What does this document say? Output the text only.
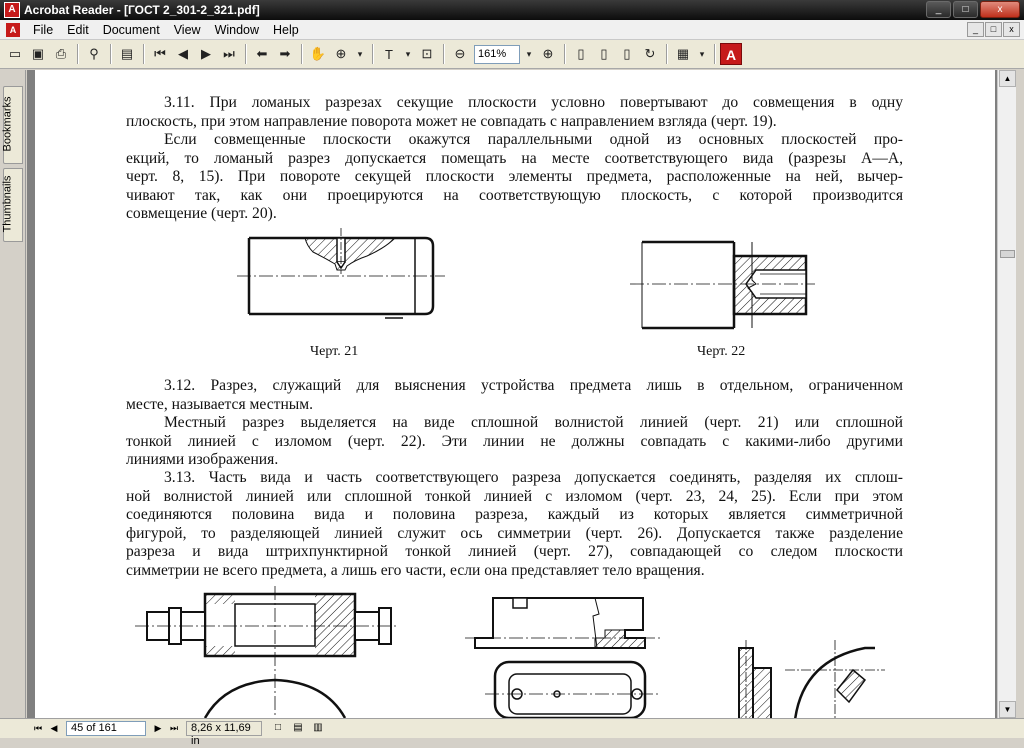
A Acrobat Reader - [ГОСТ 2_301-2_321.pdf]	_	□	x
A	File	Edit	Document	View	Window	Help	_	□	x
▭ ▣ ⎙	⚲	▤	⏮ ◀	▶ ⏭	⬅ ➡	✋ ⊕	▾	T	▾ ⊡	⊖	161%	▾ ⊕	▯	▯	▯	↻	▦	▾	A
Bookmarks
Thumbnails
3.11. При ломаных разрезах секущие плоскости условно повертывают до совмещения в одну
плоскость, при этом направление поворота может не совпадать с направлением взгляда (черт. 19).
Если совмещенные плоскости окажутся параллельными одной из основных плоскостей про-
екций, то ломаный разрез допускается помещать на месте соответствующего вида (разрезы А—А,
черт. 8, 15). При повороте секущей плоскости элементы предмета, расположенные на ней, вычер-
чивают так, как они проецируются на соответствующую плоскость, с которой производится
совмещение (черт. 20).
Черт. 21	Черт. 22
3.12. Разрез, служащий для выяснения устройства предмета лишь в отдельном, ограниченном
месте, называется местным.
Местный разрез выделяется на виде сплошной волнистой линией (черт. 21) или сплошной
тонкой линией с изломом (черт. 22). Эти линии не должны совпадать с какими-либо другими
линиями изображения.
3.13. Часть вида и часть соответствующего разреза допускается соединять, разделяя их сплош-
ной волнистой линией или сплошной тонкой линией с изломом (черт. 23, 24, 25). Если при этом
соединяются половина вида и половина разреза, каждый из которых является симметричной
фигурой, то разделяющей линией служит ось симметрии (черт. 26). Допускается также разделение
разреза и вида штрихпунктирной тонкой линией (черт. 27), совпадающей со следом плоскости
симметрии не всего предмета, а лишь его части, если она представляет тело вращения.
▲
▼
⏮ ◀	45 of 161	▶ ⏭	8,26 x 11,69 in
□	▤	▥
